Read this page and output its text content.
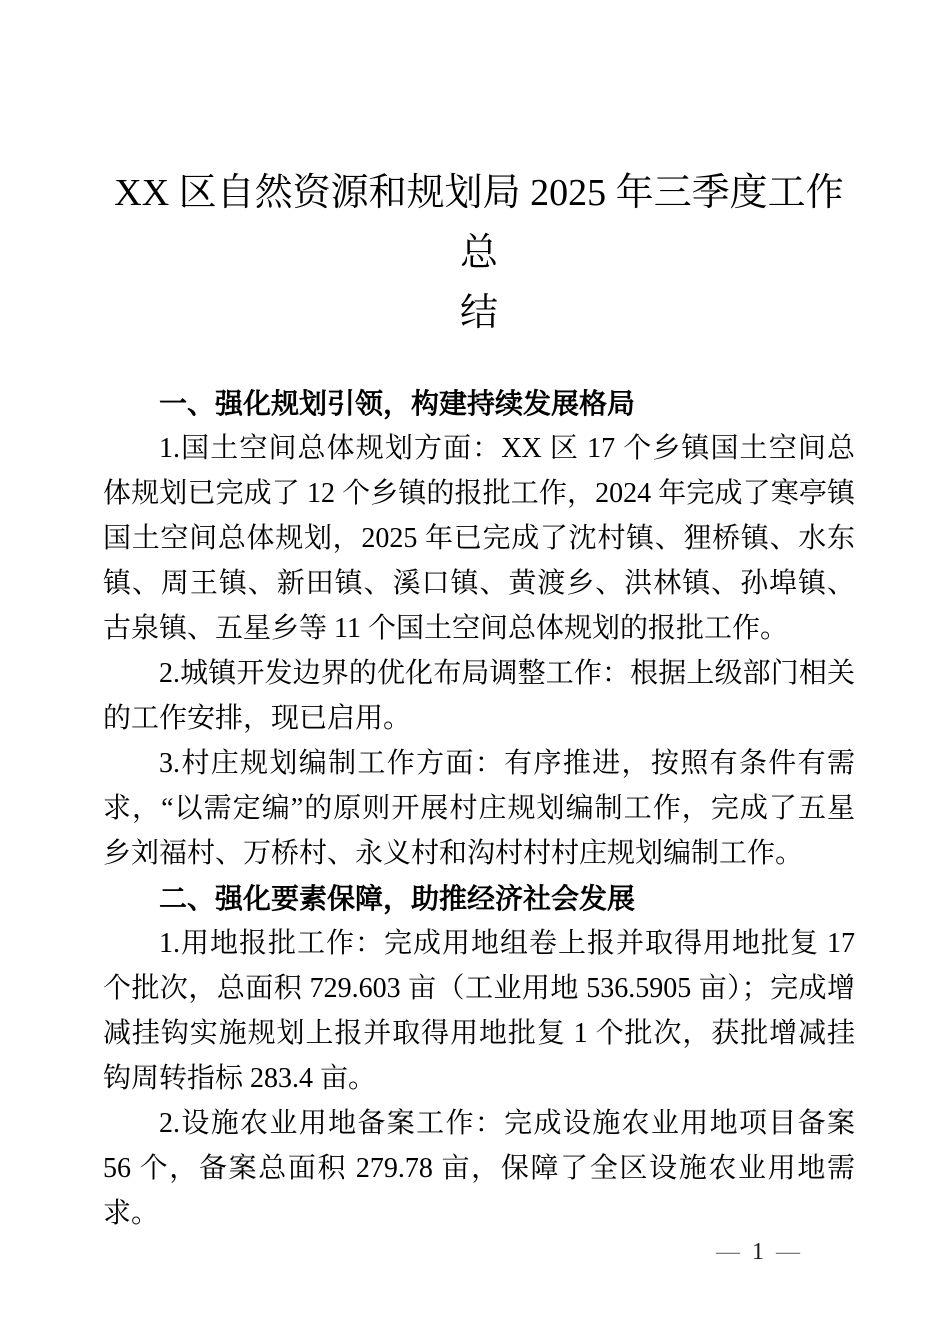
XX 区自然资源和规划局 2025 年三季度工作总
结

一、强化规划引领，构建持续发展格局

1.国土空间总体规划方面：XX 区 17 个乡镇国土空间总体规划已完成了 12 个乡镇的报批工作，2024 年完成了寒亭镇国土空间总体规划，2025 年已完成了沈村镇、狸桥镇、水东镇、周王镇、新田镇、溪口镇、黄渡乡、洪林镇、孙埠镇、古泉镇、五星乡等 11 个国土空间总体规划的报批工作。

2.城镇开发边界的优化布局调整工作：根据上级部门相关的工作安排，现已启用。

3.村庄规划编制工作方面：有序推进，按照有条件有需求，“以需定编”的原则开展村庄规划编制工作，完成了五星乡刘福村、万桥村、永义村和沟村村村庄规划编制工作。

二、强化要素保障，助推经济社会发展

1.用地报批工作：完成用地组卷上报并取得用地批复 17 个批次，总面积 729.603 亩（工业用地 536.5905 亩）；完成增减挂钩实施规划上报并取得用地批复 1 个批次，获批增减挂钩周转指标 283.4 亩。

2.设施农业用地备案工作：完成设施农业用地项目备案 56 个，备案总面积 279.78 亩，保障了全区设施农业用地需求。

— 1 —
